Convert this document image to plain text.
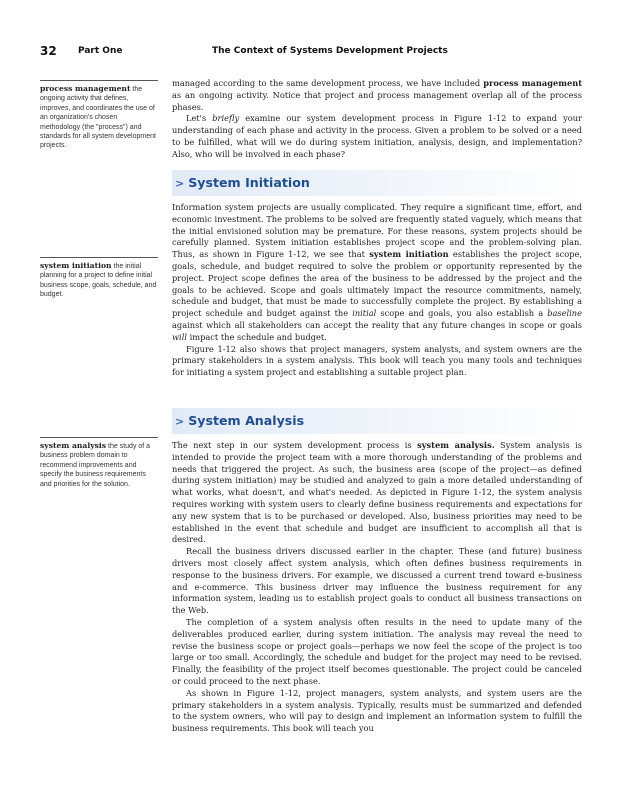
32 Part One	The Context of Systems Development Projects
process management the ongoing activity that defines, improves, and coordinates the use of an organization's chosen methodology (the "process") and standards for all system development projects.
system initiation the initial planning for a project to define initial business scope, goals, schedule, and budget.
system analysis the study of a business problem domain to recommend improvements and specify the business requirements and priorities for the solution.

managed according to the same development process, we have included process management as an ongoing activity. Notice that project and process management overlap all of the process phases.

Let's briefly examine our system development process in Figure 1-12 to expand your understanding of each phase and activity in the process. Given a problem to be solved or a need to be fulfilled, what will we do during system initiation, analysis, design, and implementation? Also, who will be involved in each phase?

> System Initiation

Information system projects are usually complicated. They require a significant time, effort, and economic investment. The problems to be solved are frequently stated vaguely, which means that the initial envisioned solution may be premature. For these reasons, system projects should be carefully planned. System initiation establishes project scope and the problem-solving plan. Thus, as shown in Figure 1-12, we see that system initiation establishes the project scope, goals, schedule, and budget required to solve the problem or opportunity represented by the project. Project scope defines the area of the business to be addressed by the project and the goals to be achieved. Scope and goals ultimately impact the resource commitments, namely, schedule and budget, that must be made to successfully complete the project. By establishing a project schedule and budget against the initial scope and goals, you also establish a baseline against which all stakeholders can accept the reality that any future changes in scope or goals will impact the schedule and budget.

Figure 1-12 also shows that project managers, system analysts, and system owners are the primary stakeholders in a system analysis. This book will teach you many tools and techniques for initiating a system project and establishing a suitable project plan.

> System Analysis

The next step in our system development process is system analysis. System analysis is intended to provide the project team with a more thorough understanding of the problems and needs that triggered the project. As such, the business area (scope of the project—as defined during system initiation) may be studied and analyzed to gain a more detailed understanding of what works, what doesn't, and what's needed. As depicted in Figure 1-12, the system analysis requires working with system users to clearly define business requirements and expectations for any new system that is to be purchased or developed. Also, business priorities may need to be established in the event that schedule and budget are insufficient to accomplish all that is desired.

Recall the business drivers discussed earlier in the chapter. These (and future) business drivers most closely affect system analysis, which often defines business requirements in response to the business drivers. For example, we discussed a current trend toward e-business and e-commerce. This business driver may influence the business requirement for any information system, leading us to establish project goals to conduct all business transactions on the Web.

The completion of a system analysis often results in the need to update many of the deliverables produced earlier, during system initiation. The analysis may reveal the need to revise the business scope or project goals—perhaps we now feel the scope of the project is too large or too small. Accordingly, the schedule and budget for the project may need to be revised. Finally, the feasibility of the project itself becomes questionable. The project could be canceled or could proceed to the next phase.

As shown in Figure 1-12, project managers, system analysts, and system users are the primary stakeholders in a system analysis. Typically, results must be summarized and defended to the system owners, who will pay to design and implement an information system to fulfill the business requirements. This book will teach you
